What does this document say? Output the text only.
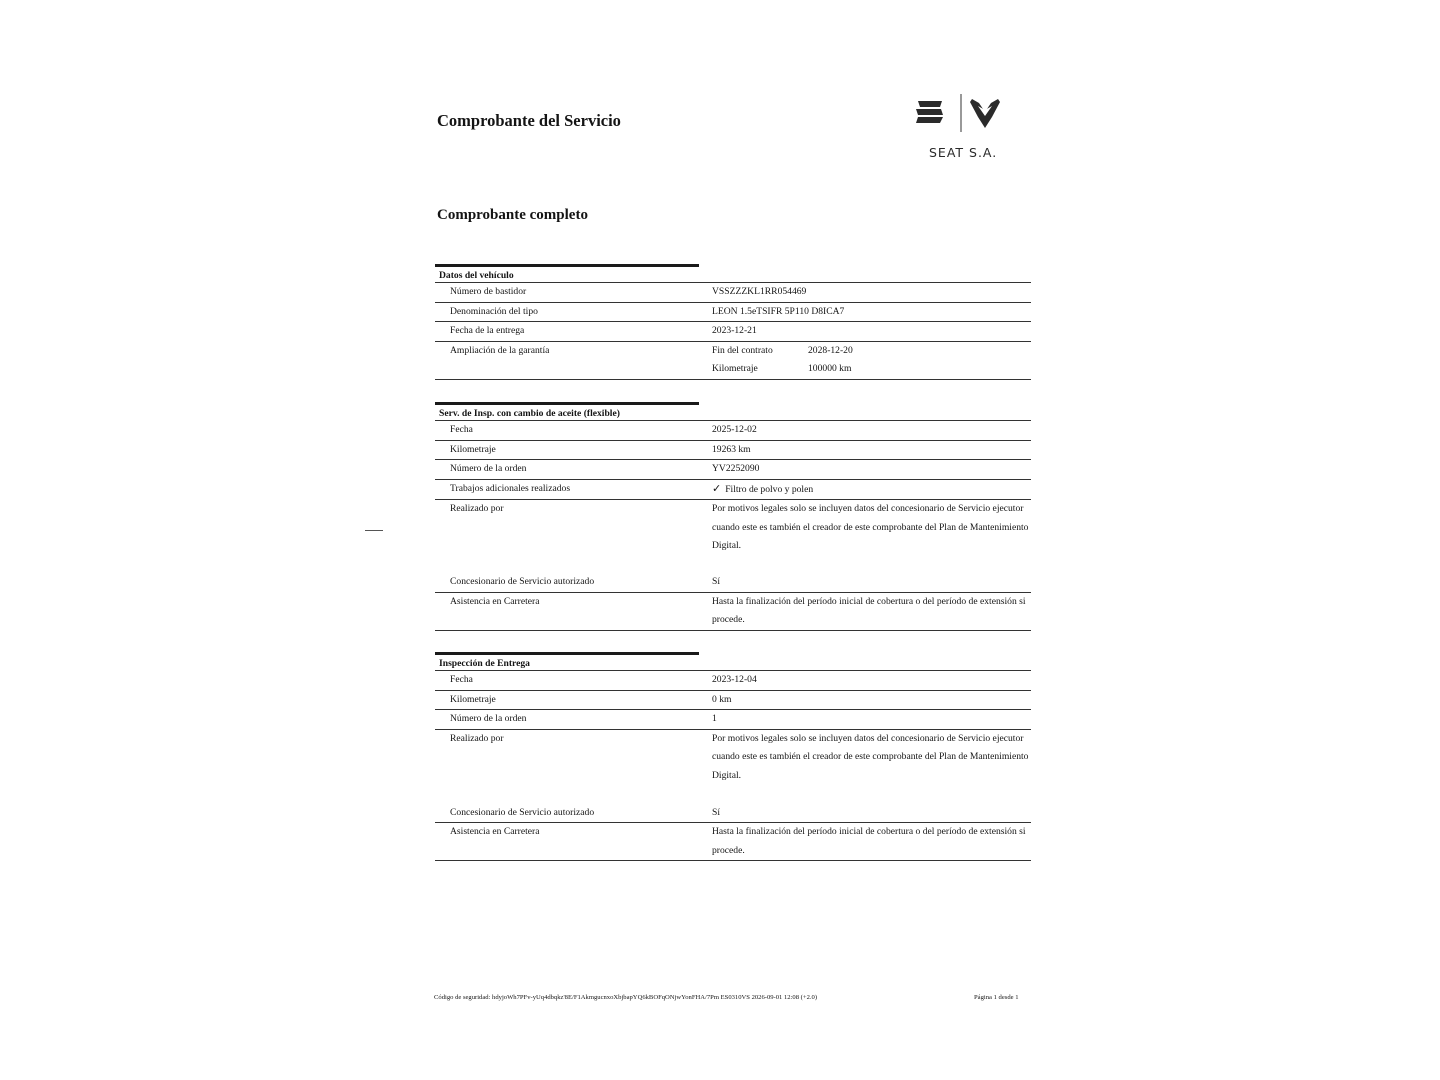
Comprobante del Servicio
SEAT S.A.
Comprobante completo
Datos del vehículo
Número de bastidor	VSSZZZKL1RR054469
Denominación del tipo	LEON 1.5eTSIFR 5P110 D8ICA7
Fecha de la entrega	2023-12-21
Ampliación de la garantía	Fin del contrato	2028-12-20
Kilometraje	100000 km
Serv. de Insp. con cambio de aceite (flexible)
Fecha	2025-12-02
Kilometraje	19263 km
Número de la orden	YV2252090
Trabajos adicionales realizados	✓ Filtro de polvo y polen
Realizado por	Por motivos legales solo se incluyen datos del concesionario de Servicio ejecutor cuando este es también el creador de este comprobante del Plan de Mantenimiento Digital.
Concesionario de Servicio autorizado	Sí
Asistencia en Carretera	Hasta la finalización del período inicial de cobertura o del período de extensión si procede.
Inspección de Entrega
Fecha	2023-12-04
Kilometraje	0 km
Número de la orden	1
Realizado por	Por motivos legales solo se incluyen datos del concesionario de Servicio ejecutor cuando este es también el creador de este comprobante del Plan de Mantenimiento Digital.
Concesionario de Servicio autorizado	Sí
Asistencia en Carretera	Hasta la finalización del período inicial de cobertura o del período de extensión si procede.
Código de seguridad: hdyjoWh7PFv-yUq4dbqkz'8E/F1AkmgucnxoXbjbapYQ6kBOFqONjwYonFHA/7Pm ES0310VS 2026-09-01 12:08 (+2.0)	Página 1 desde 1
